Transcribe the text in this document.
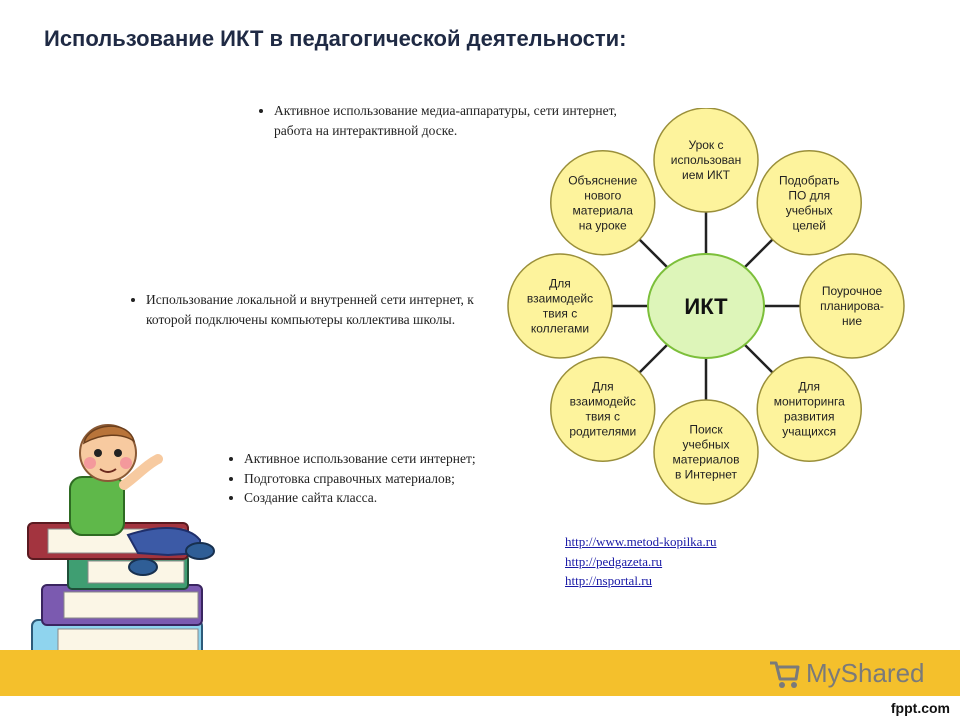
Использование ИКТ в педагогической деятельности:
• Активное использование медиа-аппаратуры, сети интернет, работа на интерактивной доске.
• Использование локальной и внутренней сети интернет, к которой подключены компьютеры коллектива школы.
• Активное использование сети интернет;
• Подготовка справочных материалов;
• Создание сайта класса.
ИКТ
Урок с
использован
ием ИКТ	Подобрать
ПО для
учебных
целей
Поурочное
планирова-
ние
Для
мониторинга
развития
учащихся
Поиск
учебных
материалов
в Интернет
Для
взаимодейс
твия с
родителями
Для
взаимодейс
твия с
коллегами
Объяснение
нового
материала
на уроке
http://www.metod-kopilka.ru
http://pedgazeta.ru
http://nsportal.ru
MyShared
fppt.com
